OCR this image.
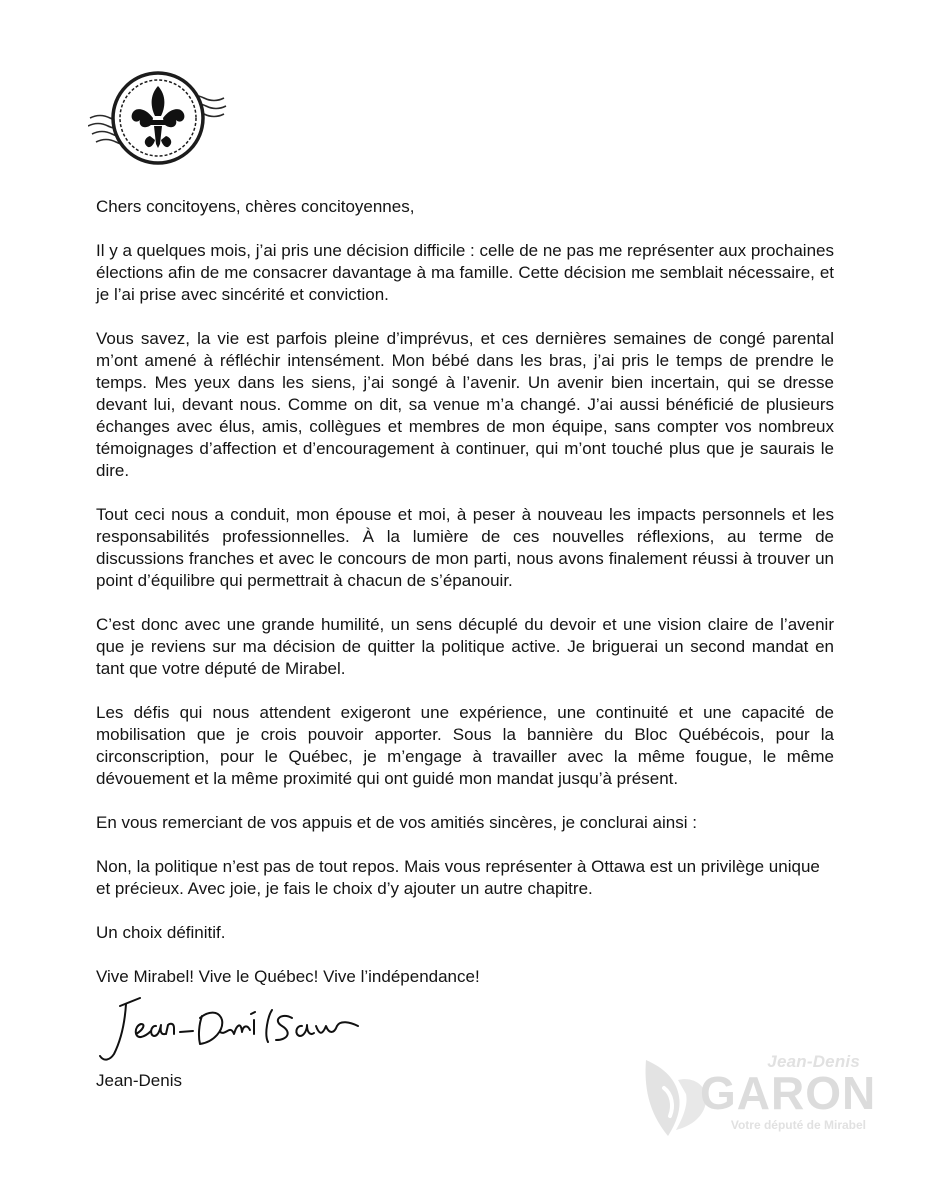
Chers concitoyens, chères concitoyennes,

Il y a quelques mois, j’ai pris une décision difficile : celle de ne pas me représenter aux prochaines élections afin de me consacrer davantage à ma famille. Cette décision me semblait nécessaire, et je l’ai prise avec sincérité et conviction.

Vous savez, la vie est parfois pleine d’imprévus, et ces dernières semaines de congé parental m’ont amené à réfléchir intensément. Mon bébé dans les bras, j’ai pris le temps de prendre le temps. Mes yeux dans les siens, j’ai songé à l’avenir. Un avenir bien incertain, qui se dresse devant lui, devant nous. Comme on dit, sa venue m’a changé. J’ai aussi bénéficié de plusieurs échanges avec élus, amis, collègues et membres de mon équipe, sans compter vos nombreux témoignages d’affection et d’encouragement à continuer, qui m’ont touché plus que je saurais le dire.

Tout ceci nous a conduit, mon épouse et moi, à peser à nouveau les impacts personnels et les responsabilités professionnelles. À la lumière de ces nouvelles réflexions, au terme de discussions franches et avec le concours de mon parti, nous avons finalement réussi à trouver un point d’équilibre qui permettrait à chacun de s’épanouir.

C’est donc avec une grande humilité, un sens décuplé du devoir et une vision claire de l’avenir que je reviens sur ma décision de quitter la politique active. Je briguerai un second mandat en tant que votre député de Mirabel.

Les défis qui nous attendent exigeront une expérience, une continuité et une capacité de mobilisation que je crois pouvoir apporter. Sous la bannière du Bloc Québécois, pour la circonscription, pour le Québec, je m’engage à travailler avec la même fougue, le même dévouement et la même proximité qui ont guidé mon mandat jusqu’à présent.

En vous remerciant de vos appuis et de vos amitiés sincères, je conclurai ainsi :

Non, la politique n’est pas de tout repos. Mais vous représenter à Ottawa est un privilège unique et précieux. Avec joie, je fais le choix d’y ajouter un autre chapitre.

Un choix définitif.

Vive Mirabel! Vive le Québec! Vive l’indépendance!

Jean-Denis
Jean-Denis
GARON
Votre député de Mirabel
